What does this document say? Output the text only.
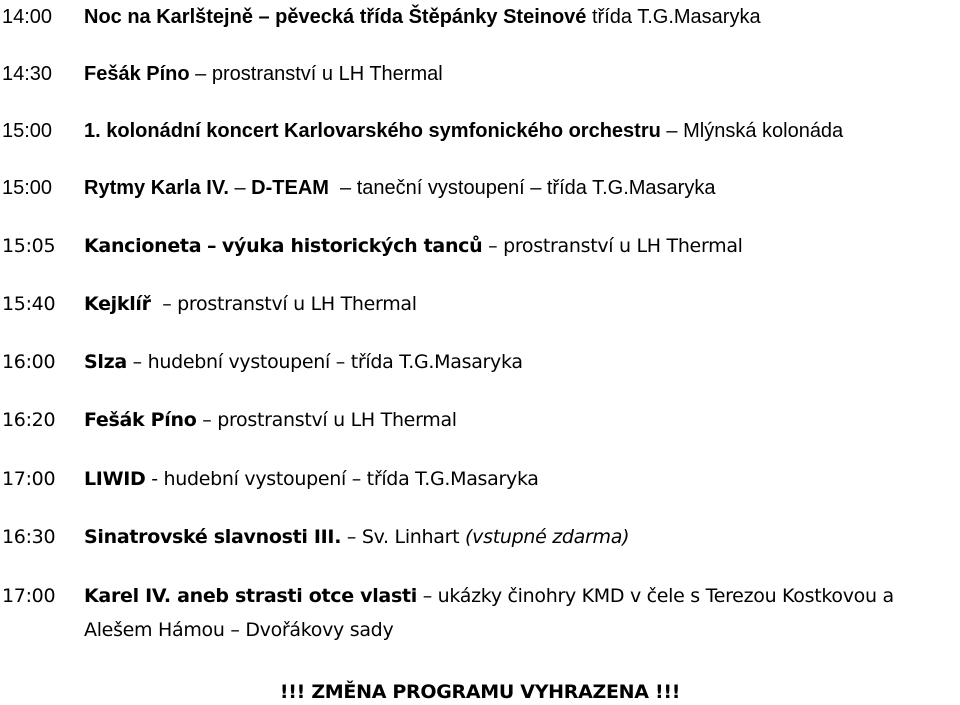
14:00	Noc na Karlštejně – pěvecká třída Štěpánky Steinové třída T.G.Masaryka
14:30	Fešák Píno – prostranství u LH Thermal
15:00	1. kolonádní koncert Karlovarského symfonického orchestru – Mlýnská kolonáda
15:00	Rytmy Karla IV. – D-TEAM – taneční vystoupení – třída T.G.Masaryka
15:05	Kancioneta – výuka historických tanců – prostranství u LH Thermal
15:40	Kejklíř – prostranství u LH Thermal
16:00	Slza – hudební vystoupení – třída T.G.Masaryka
16:20	Fešák Píno – prostranství u LH Thermal
17:00	LIWID - hudební vystoupení – třída T.G.Masaryka
16:30	Sinatrovské slavnosti III. – Sv. Linhart (vstupné zdarma)
17:00	Karel IV. aneb strasti otce vlasti – ukázky činohry KMD v čele s Terezou Kostkovou a
Alešem Hámou – Dvořákovy sady
!!! ZMĚNA PROGRAMU VYHRAZENA !!!
